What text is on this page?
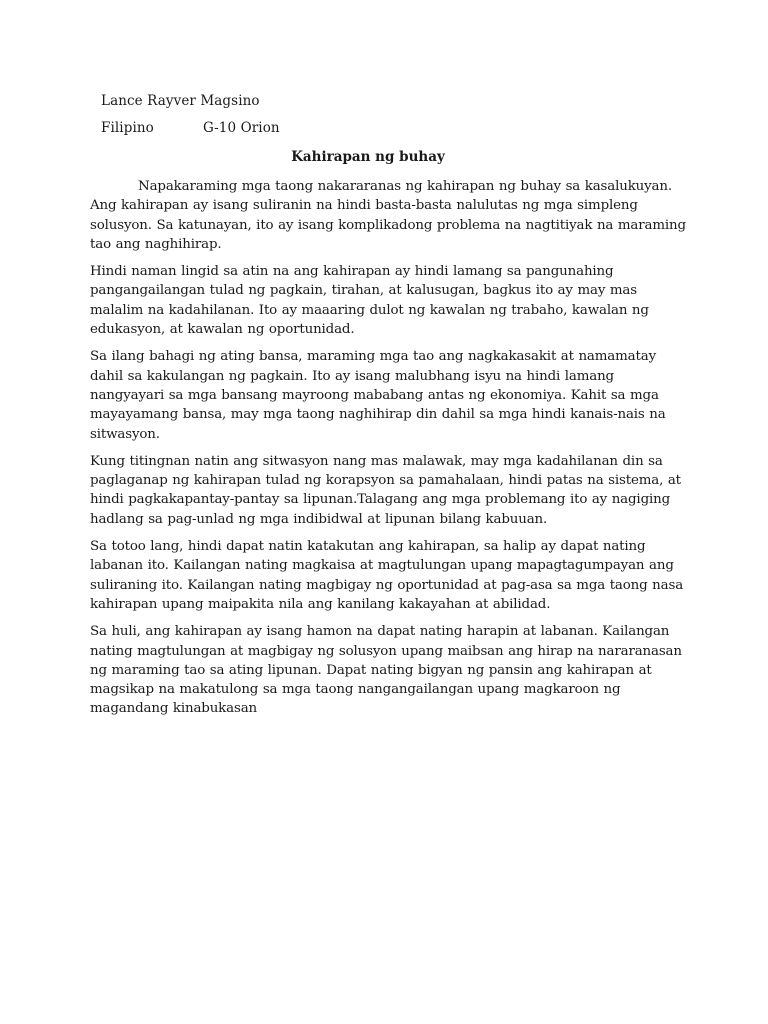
Lance Rayver Magsino
Filipino	G-10 Orion
Kahirapan ng buhay

Napakaraming mga taong nakararanas ng kahirapan ng buhay sa kasalukuyan. Ang kahirapan ay isang suliranin na hindi basta-basta nalulutas ng mga simpleng solusyon. Sa katunayan, ito ay isang komplikadong problema na nagtitiyak na maraming tao ang naghihirap.

Hindi naman lingid sa atin na ang kahirapan ay hindi lamang sa pangunahing pangangailangan tulad ng pagkain, tirahan, at kalusugan, bagkus ito ay may mas malalim na kadahilanan. Ito ay maaaring dulot ng kawalan ng trabaho, kawalan ng edukasyon, at kawalan ng oportunidad.

Sa ilang bahagi ng ating bansa, maraming mga tao ang nagkakasakit at namamatay dahil sa kakulangan ng pagkain. Ito ay isang malubhang isyu na hindi lamang nangyayari sa mga bansang mayroong mababang antas ng ekonomiya. Kahit sa mga mayayamang bansa, may mga taong naghihirap din dahil sa mga hindi kanais-nais na sitwasyon.

Kung titingnan natin ang sitwasyon nang mas malawak, may mga kadahilanan din sa paglaganap ng kahirapan tulad ng korapsyon sa pamahalaan, hindi patas na sistema, at hindi pagkakapantay-pantay sa lipunan.Talagang ang mga problemang ito ay nagiging hadlang sa pag-unlad ng mga indibidwal at lipunan bilang kabuuan.

Sa totoo lang, hindi dapat natin katakutan ang kahirapan, sa halip ay dapat nating labanan ito. Kailangan nating magkaisa at magtulungan upang mapagtagumpayan ang suliraning ito. Kailangan nating magbigay ng oportunidad at pag-asa sa mga taong nasa kahirapan upang maipakita nila ang kanilang kakayahan at abilidad.

Sa huli, ang kahirapan ay isang hamon na dapat nating harapin at labanan. Kailangan nating magtulungan at magbigay ng solusyon upang maibsan ang hirap na nararanasan ng maraming tao sa ating lipunan. Dapat nating bigyan ng pansin ang kahirapan at magsikap na makatulong sa mga taong nangangailangan upang magkaroon ng magandang kinabukasan
